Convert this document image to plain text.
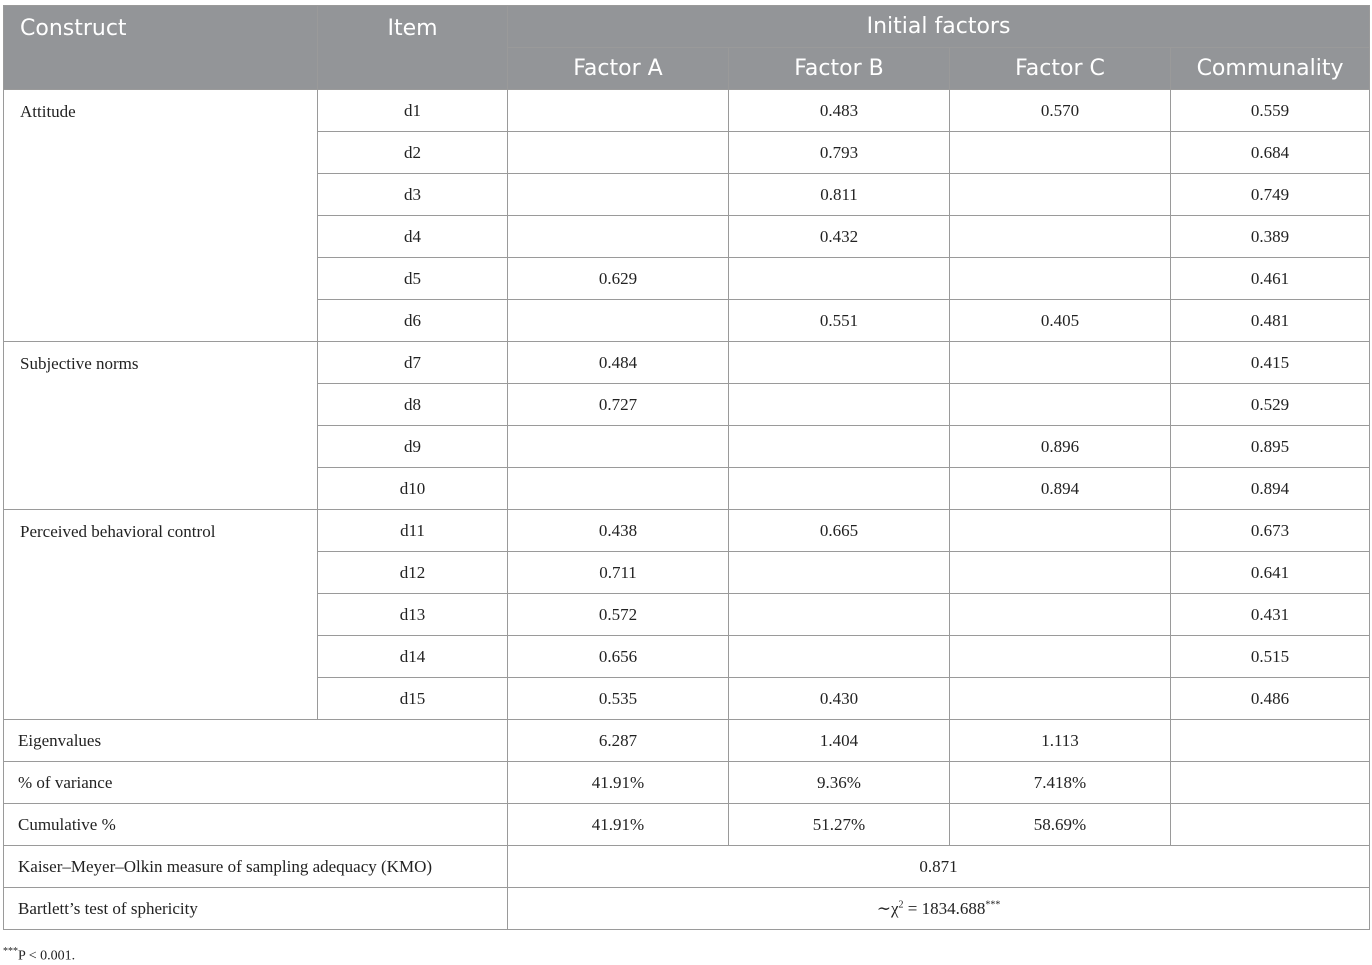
Construct	Item	Initial factors			
		Factor A	Factor B	Factor C	Communality
Attitude	d1		0.483	0.570	0.559
	d2		0.793		0.684
	d3		0.811		0.749
	d4		0.432		0.389
	d5	0.629			0.461
	d6		0.551	0.405	0.481
Subjective norms	d7	0.484			0.415
	d8	0.727			0.529
	d9			0.896	0.895
	d10			0.894	0.894
Perceived behavioral control	d11	0.438	0.665		0.673
	d12	0.711			0.641
	d13	0.572			0.431
	d14	0.656			0.515
	d15	0.535	0.430		0.486
Eigenvalues		6.287	1.404	1.113	
% of variance		41.91%	9.36%	7.418%	
Cumulative %		41.91%	51.27%	58.69%	
Kaiser–Meyer–Olkin measure of sampling adequacy (KMO)		0.871			
Bartlett’s test of sphericity		$\sim\chi^2 = 1834.688^{***}$
***P < 0.001.
